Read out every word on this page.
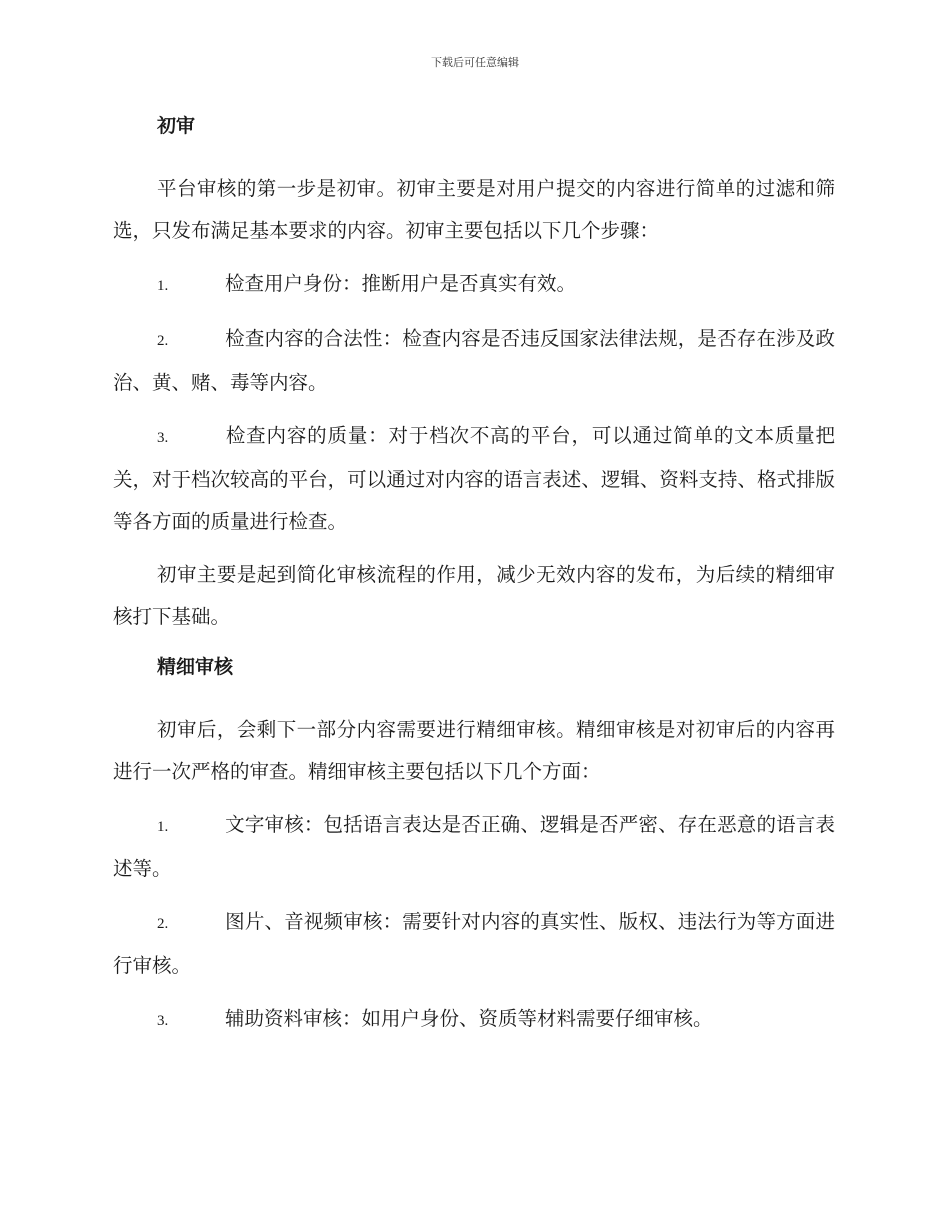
下载后可任意编辑
初审

平台审核的第一步是初审。初审主要是对用户提交的内容进行简单的过滤和筛选，只发布满足基本要求的内容。初审主要包括以下几个步骤：

1.	检查用户身份：推断用户是否真实有效。

2.	检查内容的合法性：检查内容是否违反国家法律法规，是否存在涉及政治、黄、赌、毒等内容。

3.	检查内容的质量：对于档次不高的平台，可以通过简单的文本质量把关，对于档次较高的平台，可以通过对内容的语言表述、逻辑、资料支持、格式排版等各方面的质量进行检查。

初审主要是起到简化审核流程的作用，减少无效内容的发布，为后续的精细审核打下基础。

精细审核

初审后，会剩下一部分内容需要进行精细审核。精细审核是对初审后的内容再进行一次严格的审查。精细审核主要包括以下几个方面：

1.	文字审核：包括语言表达是否正确、逻辑是否严密、存在恶意的语言表述等。

2.	图片、音视频审核：需要针对内容的真实性、版权、违法行为等方面进行审核。

3.	辅助资料审核：如用户身份、资质等材料需要仔细审核。
